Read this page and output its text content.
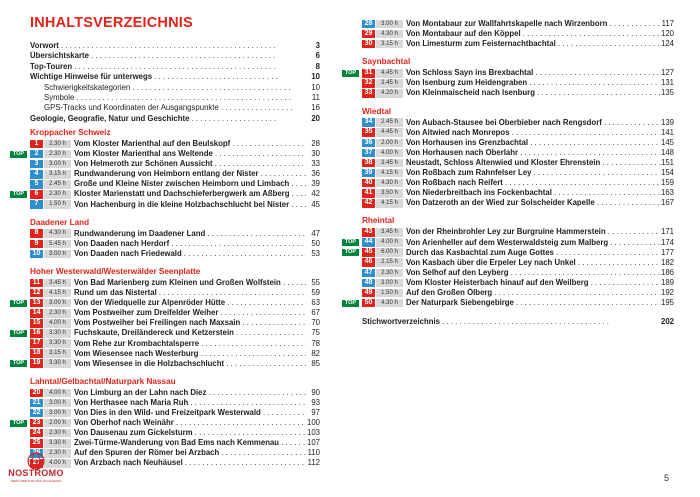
INHALTSVERZEICHNIS
Vorwort . . .	3
Übersichtskarte . . .	6
Top-Touren . . .	8
Wichtige Hinweise für unterwegs . . .	10
Schwierigkeitskategorien . . .	10
Symbole . . .	11
GPS-Tracks und Koordinaten der Ausgangspunkte . . .	16
Geologie, Geografie, Natur und Geschichte . . .	20
Kroppacher Schweiz
1	2.30 h	Vom Kloster Marienthal auf den Beulskopf . . .	28
TOP	2	2.30 h	Vom Kloster Marienthal ans Weltende . . .	30
3	3.00 h	Von Helmeroth zur Schönen Aussicht . . .	33
4	3.15 h	Rundwanderung von Heimborn entlang der Nister . . .	36
5	2.45 h	Große und Kleine Nister zwischen Heimborn und Limbach . . .	39
TOP	6	2.30 h	Kloster Marienstatt und Dachschieferbergwerk am Aßberg . . .	42
7	1.50 h	Von Hachenburg in die kleine Holzbachschlucht bei Nister . . .	45
Daadener Land
8	4.30 h	Rundwanderung im Daadener Land . . .	47
9	5.45 h	Von Daaden nach Herdorf . . .	50
10	3.00 h	Von Daaden nach Friedewald . . .	53
Hoher Westerwald/Westerwälder Seenplatte
11	3.45 h	Von Bad Marienberg zum Kleinen und Großen Wolfstein . . .	55
12	4.15 h	Rund um das Nistertal . . .	59
TOP	13	3.00 h	Von der Wiedquelle zur Alpenröder Hütte . . .	63
14	2.30 h	Vom Postweiher zum Dreifelder Weiher . . .	67
15	4.00 h	Vom Postweiher bei Freilingen nach Maxsain . . .	70
TOP	16	3.30 h	Fuchskaute, Dreiländereck und Ketzerstein . . .	75
17	3.30 h	Vom Rehe zur Krombachtalsperre . . .	78
18	3.15 h	Vom Wiesensee nach Westerburg . . .	82
TOP	19	3.30 h	Vom Wiesensee in die Holzbachschlucht . . .	85
Lahntal/Gelbachtal/Naturpark Nassau
20	4.00 h	Von Limburg an der Lahn nach Diez . . .	90
21	3.00 h	Von Herthasee nach Maria Ruh . . .	93
22	3.00 h	Von Dies in den Wild- und Freizeitpark Westerwald . . .	97
TOP	23	2.00 h	Von Oberhof nach Weinähr . . .	100
24	2.30 h	Von Dausenau zum Gickelsturm . . .	103
25	3.30 h	Zwei-Türme-Wanderung von Bad Ems nach Kemmenau . . .	107
26	2.30 h	Auf den Spuren der Römer bei Arzbach . . .	110
27	4.00 h	Von Arzbach nach Neuhäusel . . .	112
28	3.00 h	Von Montabaur zur Wallfahrtskapelle nach Wirzenborn . . .	117
29	4.30 h	Von Montabaur auf den Köppel . . .	120
30	3.15 h	Von Limesturm zum Feisternachtbachtal . . .	124
Saynbachtal
TOP	31	4.45 h	Von Schloss Sayn ins Brexbachtal . . .	127
32	3.45 h	Von Isenburg zum Heidengraben . . .	131
33	4.20 h	Von Kleinmaischeid nach Isenburg . . .	135
Wiedtal
34	2.45 h	Von Aubach-Stausee bei Oberbieber nach Rengsdorf . . .	139
35	4.45 h	Von Altwied nach Monrepos . . .	141
36	2.00 h	Von Horhausen ins Grenzbachtal . . .	145
37	4.00 h	Von Horhausen nach Oberlahr . . .	148
38	3.45 h	Neustadt, Schloss Altenwied und Kloster Ehrenstein . . .	151
39	4.15 h	Von Roßbach zum Rahnfelser Ley . . .	154
40	4.30 h	Von Roßbach nach Reifert . . .	159
41	3.50 h	Von Niederbreitbach ins Fockenbachtal . . .	163
42	4.15 h	Von Datzeroth an der Wied zur Solscheider Kapelle . . .	167
Rheintal
43	3.45 h	Von der Rheinbrohler Ley zur Burgruine Hammerstein . . .	171
TOP	44	4.00 h	Von Arienheller auf dem Westerwaldsteig zum Malberg . . .	174
TOP	45	6.00 h	Durch das Kasbachtal zum Auge Gottes . . .	177
46	2.15 h	Von Kasbach über die Erpeler Ley nach Unkel . . .	182
47	2.30 h	Von Selhof auf den Leyberg . . .	186
48	3.00 h	Vom Kloster Heisterbach hinauf auf den Weilberg . . .	189
49	1.50 h	Auf den Großen Ölberg . . .	192
TOP	50	4.30 h	Der Naturpark Siebengebirge . . .	195
Stichwortverzeichnis . . .	202
NOSTROMO
WEB-COMPTOIR DES VOYAGEURS	5
